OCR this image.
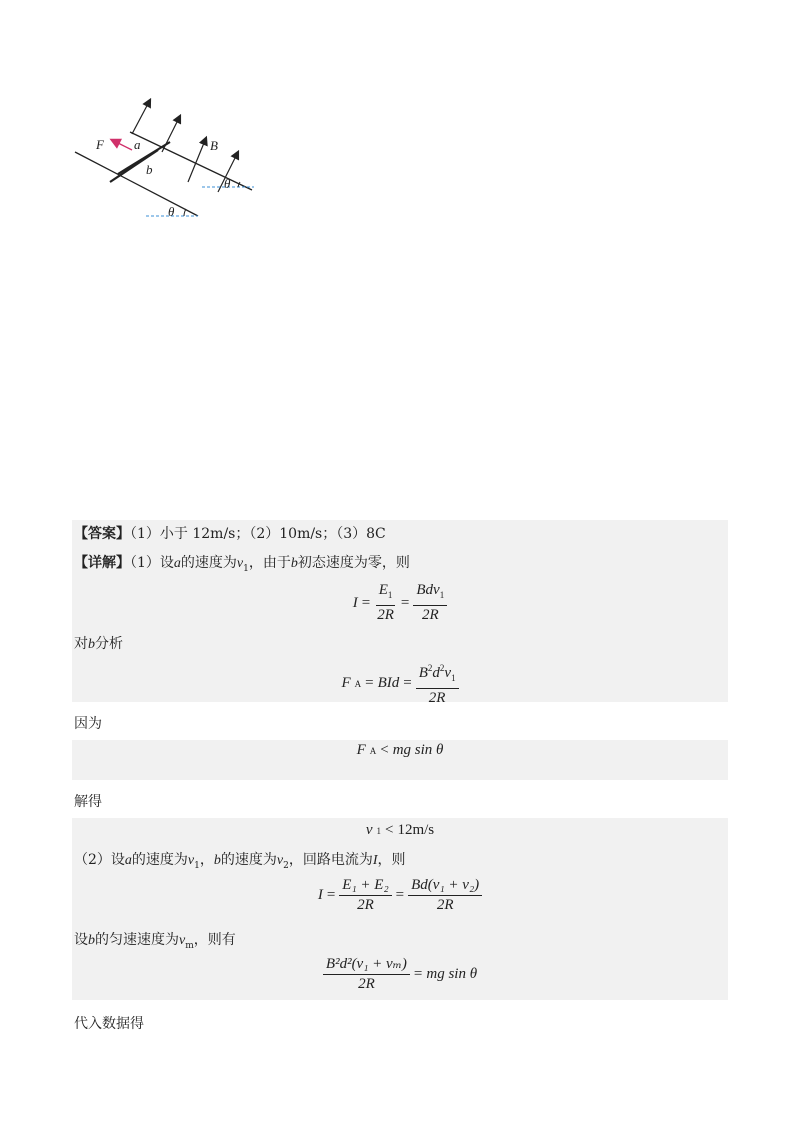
F a
b
B
θ
θ
【答案】（1）小于 12m/s；（2）10m/s；（3）8C
【详解】（1）设a的速度为$v_1$，由于b初态速度为零，则
$I = \frac{E_1}{2R} = \frac{Bdv_1}{2R}$
对b分析
F A = BId = $\frac{B^2d^2v_1}{2R}$
因为
F A < mg sin θ
解得
v 1 < 12m/s
（2）设a的速度为$v_1$，b的速度为$v_2$，回路电流为I，则
$I = \frac{\text{E₁ + E₂}}{2R} = \frac{\text{Bd(v₁ + v₂)}}{2R}$
设b的匀速速度为$v_m$，则有
$\frac{\text{B²d²(v₁ + vₘ)}}{2R}$ = mg sin θ
代入数据得
